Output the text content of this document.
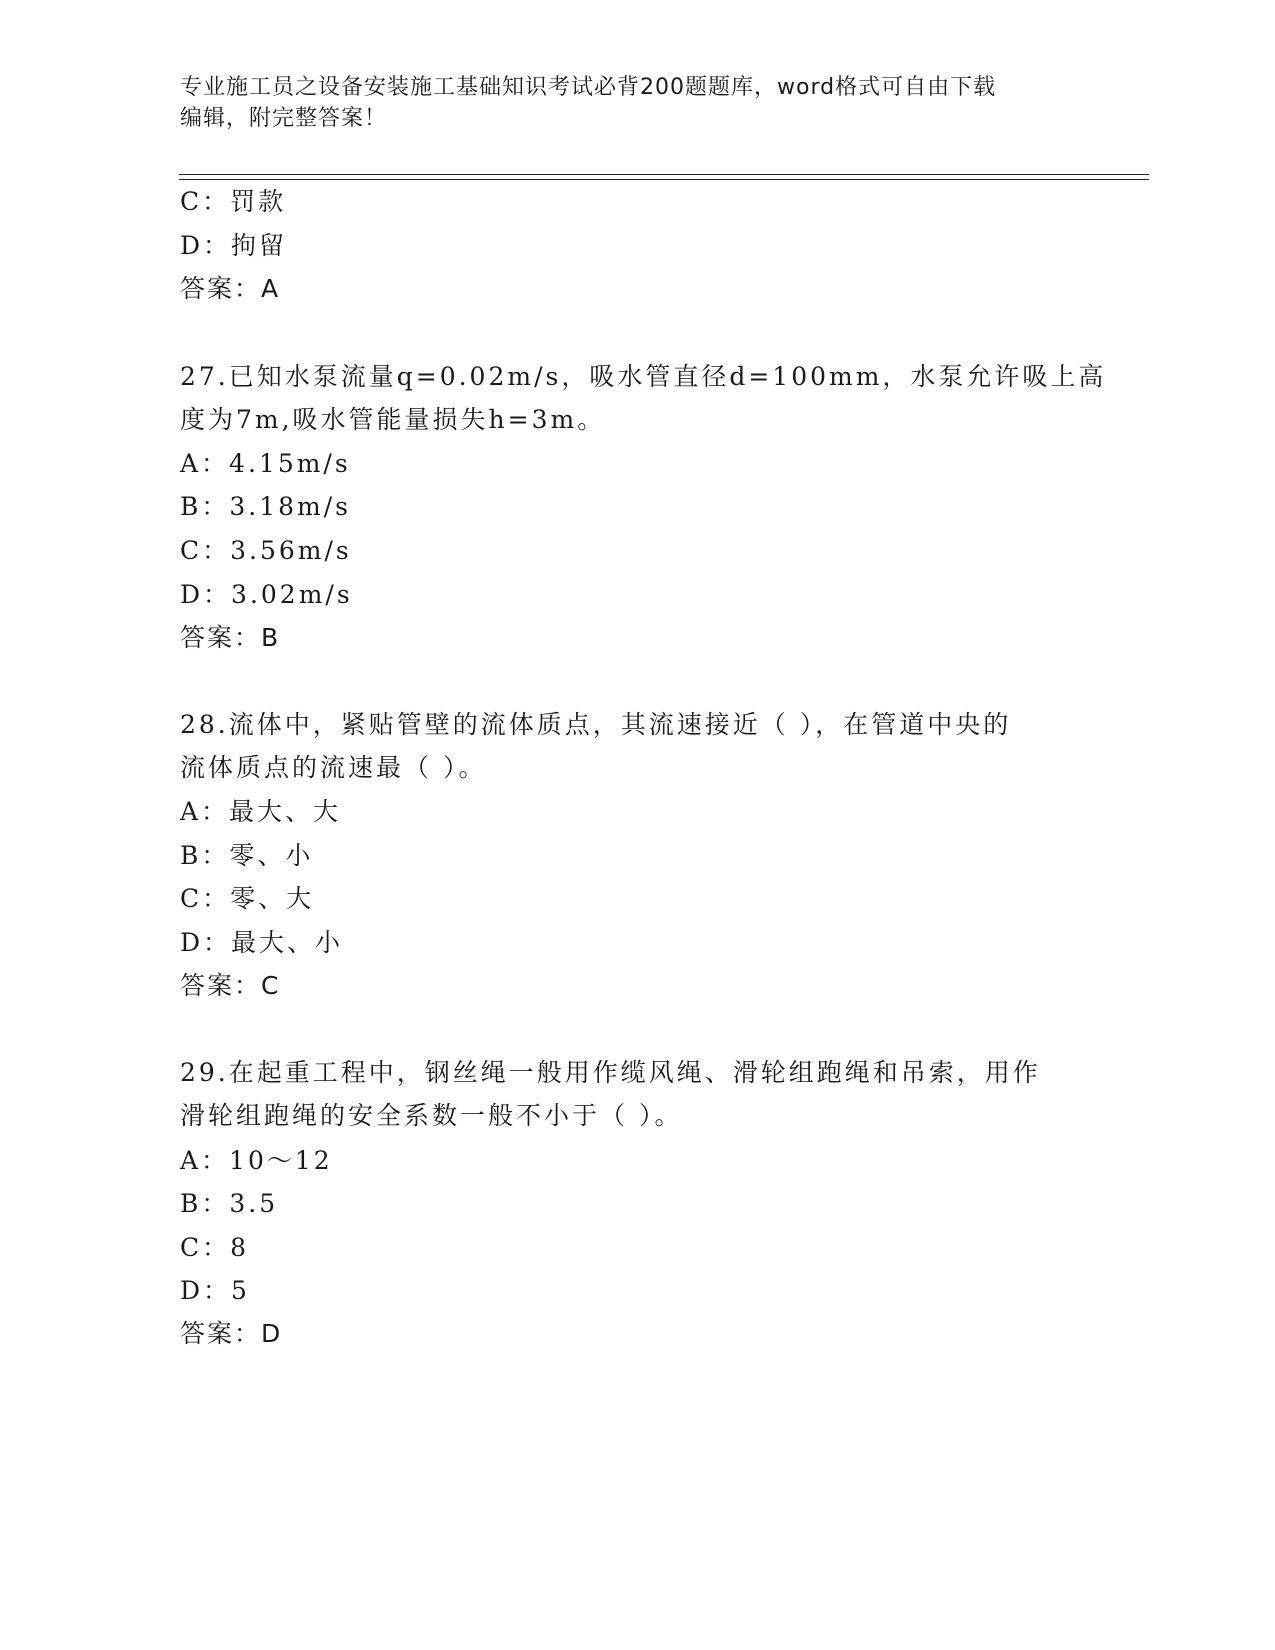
专业施工员之设备安装施工基础知识考试必背200题题库，word格式可自由下载
编辑，附完整答案！
C：罚款
D：拘留
答案：A
27.已知水泵流量q=0.02m/s，吸水管直径d=100mm，水泵允许吸上高
度为7m,吸水管能量损失h=3m。
A：4.15m/s
B：3.18m/s
C：3.56m/s
D：3.02m/s
答案：B
28.流体中，紧贴管壁的流体质点，其流速接近（ ），在管道中央的
流体质点的流速最（ ）。
A：最大、大
B：零、小
C：零、大
D：最大、小
答案：C
29.在起重工程中，钢丝绳一般用作缆风绳、滑轮组跑绳和吊索，用作
滑轮组跑绳的安全系数一般不小于（ ）。
A：10～12
B：3.5
C：8
D：5
答案：D
